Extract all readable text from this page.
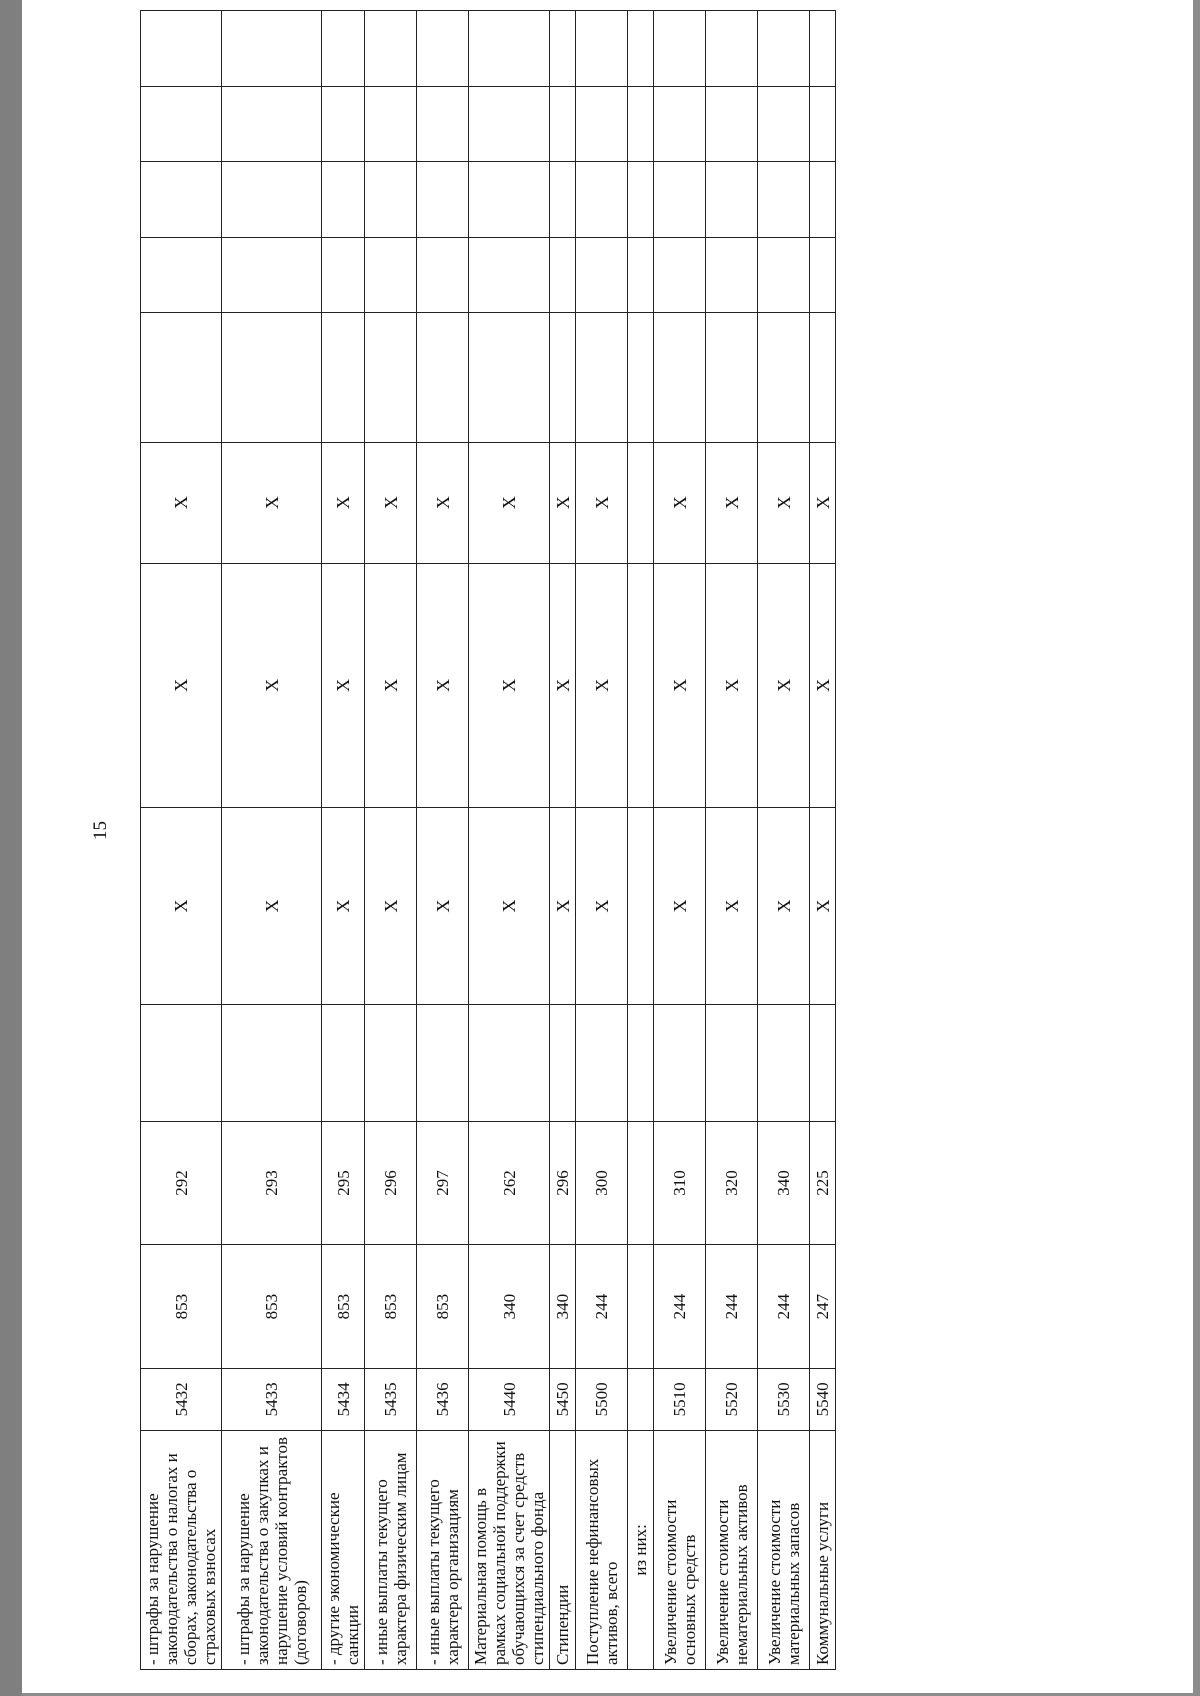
15
- штрафы за нарушение законодательства о налогах и сборах, законодательства о страховых взносах	5432	853	292		X	X	X					
- штрафы за нарушение законодательства о закупках и нарушение условий контрактов (договоров)	5433	853	293		X	X	X					
- другие экономические санкции	5434	853	295		X	X	X					
- иные выплаты текущего характера физическим лицам	5435	853	296		X	X	X					
- иные выплаты текущего характера организациям	5436	853	297		X	X	X					
Материальная помощь в рамках социальной поддержки обучающихся за счет средств стипендиального фонда	5440	340	262		X	X	X					
Стипендии	5450	340	296		X	X	X					
Поступление нефинансовых активов, всего	5500	244	300		X	X	X					
из них:												
Увеличение стоимости основных средств	5510	244	310		X	X	X					
Увеличение стоимости нематериальных активов	5520	244	320		X	X	X					
Увеличение стоимости материальных запасов	5530	244	340		X	X	X					
Коммунальные услуги	5540	247	225		X	X	X					
